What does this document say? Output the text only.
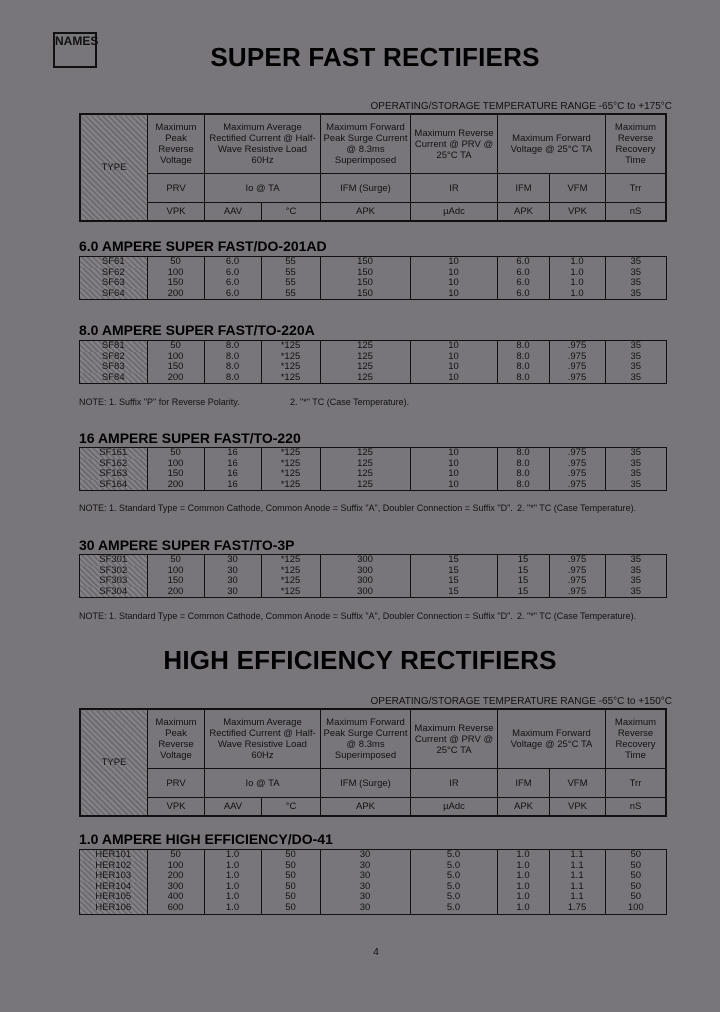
NAMES
SUPER FAST RECTIFIERS
OPERATING/STORAGE TEMPERATURE RANGE -65°C to +175°C
TYPE	Maximum Peak Reverse Voltage	Maximum Average Rectified Current @ Half-Wave Resistive Load 60Hz		Maximum Forward Peak Surge Current @ 8.3ms Superimposed	Maximum Reverse Current @ PRV @ 25°C TA	Maximum Forward Voltage @ 25°C TA		Maximum Reverse Recovery Time
	PRV	Io @ TA		IFM (Surge)	IR	IFM	VFM	Trr
	VPK	AAV	°C	APK	µAdc	APK	VPK	nS
6.0 AMPERE SUPER FAST/DO-201AD
SF61	50	6.0	55	150	10	6.0	1.0	35
SF62	100	6.0	55	150	10	6.0	1.0	35
SF63	150	6.0	55	150	10	6.0	1.0	35
SF64	200	6.0	55	150	10	6.0	1.0	35
8.0 AMPERE SUPER FAST/TO-220A
SF81	50	8.0	*125	125	10	8.0	.975	35
SF82	100	8.0	*125	125	10	8.0	.975	35
SF83	150	8.0	*125	125	10	8.0	.975	35
SF84	200	8.0	*125	125	10	8.0	.975	35
NOTE: 1. Suffix "P" for Reverse Polarity.	2. "*" TC (Case Temperature).
16 AMPERE SUPER FAST/TO-220
SF161	50	16	*125	125	10	8.0	.975	35
SF162	100	16	*125	125	10	8.0	.975	35
SF163	150	16	*125	125	10	8.0	.975	35
SF164	200	16	*125	125	10	8.0	.975	35
NOTE: 1. Standard Type = Common Cathode, Common Anode = Suffix "A", Doubler Connection = Suffix "D". 2. "*" TC (Case Temperature).
30 AMPERE SUPER FAST/TO-3P
SF301	50	30	*125	300	15	15	.975	35
SF302	100	30	*125	300	15	15	.975	35
SF303	150	30	*125	300	15	15	.975	35
SF304	200	30	*125	300	15	15	.975	35
NOTE: 1. Standard Type = Common Cathode, Common Anode = Suffix "A", Doubler Connection = Suffix "D". 2. "*" TC (Case Temperature).
HIGH EFFICIENCY RECTIFIERS
OPERATING/STORAGE TEMPERATURE RANGE -65°C to +150°C
TYPE	Maximum Peak Reverse Voltage	Maximum Average Rectified Current @ Half-Wave Resistive Load 60Hz		Maximum Forward Peak Surge Current @ 8.3ms Superimposed	Maximum Reverse Current @ PRV @ 25°C TA	Maximum Forward Voltage @ 25°C TA		Maximum Reverse Recovery Time
	PRV	Io @ TA		IFM (Surge)	IR	IFM	VFM	Trr
	VPK	AAV	°C	APK	µAdc	APK	VPK	nS
1.0 AMPERE HIGH EFFICIENCY/DO-41
HER101	50	1.0	50	30	5.0	1.0	1.1	50
HER102	100	1.0	50	30	5.0	1.0	1.1	50
HER103	200	1.0	50	30	5.0	1.0	1.1	50
HER104	300	1.0	50	30	5.0	1.0	1.1	50
HER105	400	1.0	50	30	5.0	1.0	1.1	50
HER106	600	1.0	50	30	5.0	1.0	1.75	100
4
